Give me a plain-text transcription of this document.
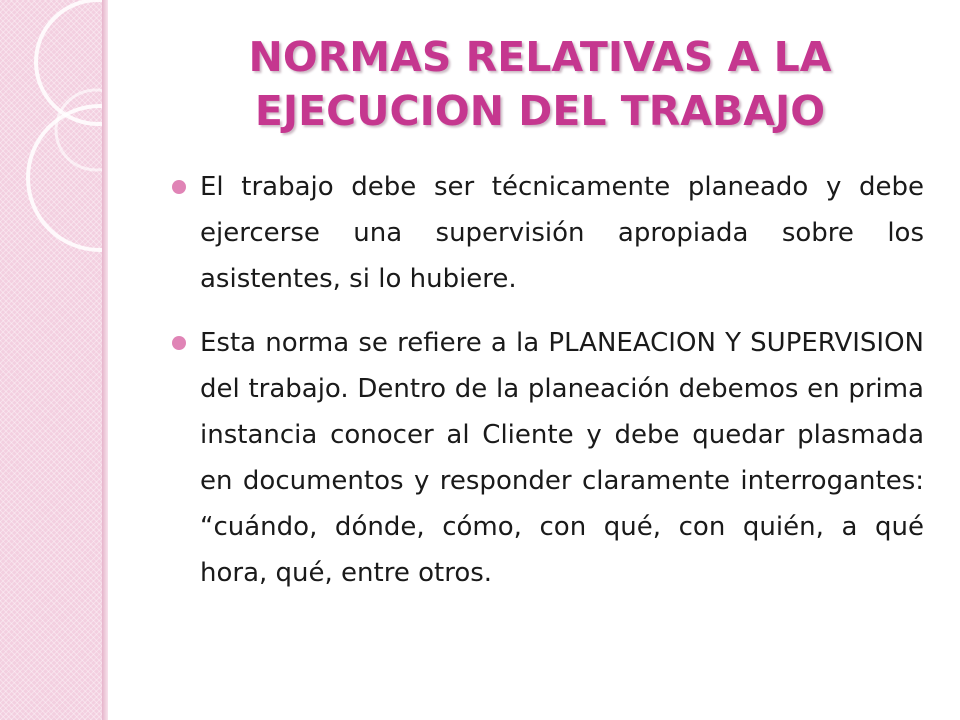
NORMAS RELATIVAS A LA EJECUCION DEL TRABAJO
El trabajo debe ser técnicamente planeado y debe ejercerse una supervisión apropiada sobre los asistentes, si lo hubiere.
Esta norma se refiere a la PLANEACION Y SUPERVISION del trabajo. Dentro de la planeación debemos en prima instancia conocer al Cliente y debe quedar plasmada en documentos y responder claramente interrogantes: “cuándo, dónde, cómo, con qué, con quién, a qué hora, qué, entre otros.
